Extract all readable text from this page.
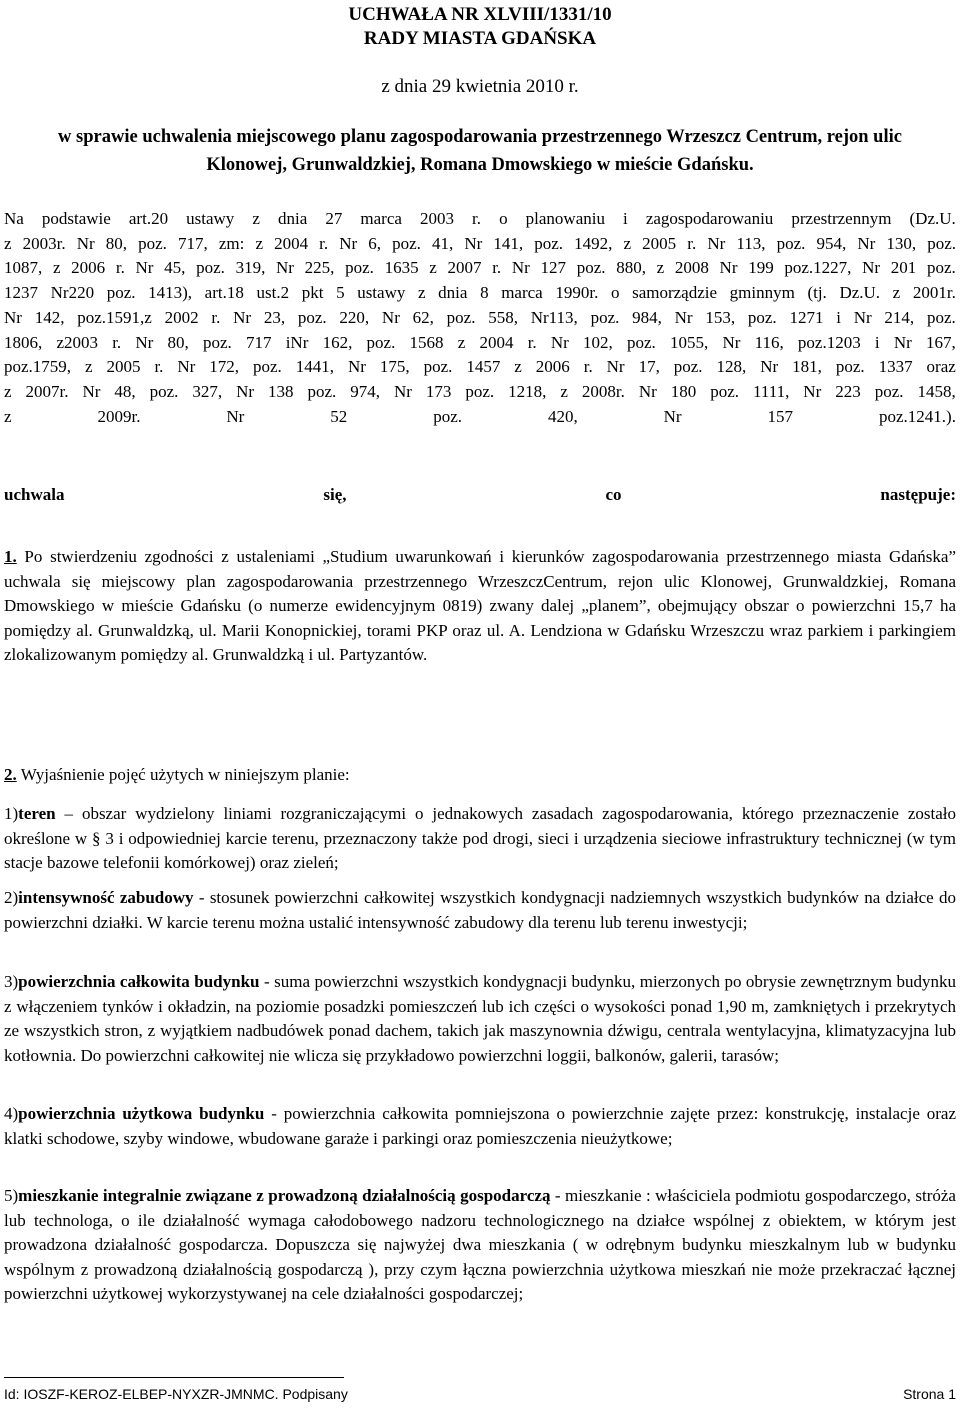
UCHWAŁA NR XLVIII/1331/10
RADY MIASTA GDAŃSKA
z dnia 29 kwietnia 2010 r.
w sprawie uchwalenia miejscowego planu zagospodarowania przestrzennego Wrzeszcz Centrum, rejon ulic
Klonowej, Grunwaldzkiej, Romana Dmowskiego w mieście Gdańsku.
Na podstawie art.20 ustawy z dnia 27 marca 2003 r. o planowaniu i zagospodarowaniu przestrzennym (Dz.U.
z 2003r. Nr 80, poz. 717, zm: z 2004 r. Nr 6, poz. 41, Nr 141, poz. 1492, z 2005 r. Nr 113, poz. 954, Nr 130, poz.
1087, z 2006 r. Nr 45, poz. 319, Nr 225, poz. 1635 z 2007 r. Nr 127 poz. 880, z 2008 Nr 199 poz.1227, Nr 201 poz.
1237 Nr220 poz. 1413), art.18 ust.2 pkt 5 ustawy z dnia 8 marca 1990r. o samorządzie gminnym (tj. Dz.U. z 2001r.
Nr 142, poz.1591,z 2002 r. Nr 23, poz. 220, Nr 62, poz. 558, Nr113, poz. 984, Nr 153, poz. 1271 i Nr 214, poz.
1806, z2003 r. Nr 80, poz. 717 iNr 162, poz. 1568 z 2004 r. Nr 102, poz. 1055, Nr 116, poz.1203 i Nr 167,
poz.1759, z 2005 r. Nr 172, poz. 1441, Nr 175, poz. 1457 z 2006 r. Nr 17, poz. 128, Nr 181, poz. 1337 oraz
z 2007r. Nr 48, poz. 327, Nr 138 poz. 974, Nr 173 poz. 1218, z 2008r. Nr 180 poz. 1111, Nr 223 poz. 1458,
z	2009r.	Nr	52	poz.	420,	Nr	157	poz.1241.).
uchwala	się,	co	następuje:
1. Po stwierdzeniu zgodności z ustaleniami „Studium uwarunkowań i kierunków zagospodarowania przestrzennego miasta Gdańska” uchwala się miejscowy plan zagospodarowania przestrzennego WrzeszczCentrum, rejon ulic Klonowej, Grunwaldzkiej, Romana Dmowskiego w mieście Gdańsku (o numerze ewidencyjnym 0819) zwany dalej „planem”, obejmujący obszar o powierzchni 15,7 ha pomiędzy al. Grunwaldzką, ul. Marii Konopnickiej, torami PKP oraz ul. A. Lendziona w Gdańsku Wrzeszczu wraz parkiem i parkingiem zlokalizowanym pomiędzy al. Grunwaldzką i ul. Partyzantów.
2. Wyjaśnienie pojęć użytych w niniejszym planie:
1)teren – obszar wydzielony liniami rozgraniczającymi o jednakowych zasadach zagospodarowania, którego przeznaczenie zostało określone w § 3 i odpowiedniej karcie terenu, przeznaczony także pod drogi, sieci i urządzenia sieciowe infrastruktury technicznej (w tym stacje bazowe telefonii komórkowej) oraz zieleń;
2)intensywność zabudowy - stosunek powierzchni całkowitej wszystkich kondygnacji nadziemnych wszystkich budynków na działce do powierzchni działki. W karcie terenu można ustalić intensywność zabudowy dla terenu lub terenu inwestycji;
3)powierzchnia całkowita budynku - suma powierzchni wszystkich kondygnacji budynku, mierzonych po obrysie zewnętrznym budynku z włączeniem tynków i okładzin, na poziomie posadzki pomieszczeń lub ich części o wysokości ponad 1,90 m, zamkniętych i przekrytych ze wszystkich stron, z wyjątkiem nadbudówek ponad dachem, takich jak maszynownia dźwigu, centrala wentylacyjna, klimatyzacyjna lub kotłownia. Do powierzchni całkowitej nie wlicza się przykładowo powierzchni loggii, balkonów, galerii, tarasów;
4)powierzchnia użytkowa budynku - powierzchnia całkowita pomniejszona o powierzchnie zajęte przez: konstrukcję, instalacje oraz klatki schodowe, szyby windowe, wbudowane garaże i parkingi oraz pomieszczenia nieużytkowe;
5)mieszkanie integralnie związane z prowadzoną działalnością gospodarczą - mieszkanie : właściciela podmiotu gospodarczego, stróża lub technologa, o ile działalność wymaga całodobowego nadzoru technologicznego na działce wspólnej z obiektem, w którym jest prowadzona działalność gospodarcza. Dopuszcza się najwyżej dwa mieszkania ( w odrębnym budynku mieszkalnym lub w budynku wspólnym z prowadzoną działalnością gospodarczą ), przy czym łączna powierzchnia użytkowa mieszkań nie może przekraczać łącznej powierzchni użytkowej wykorzystywanej na cele działalności gospodarczej;
Id: IOSZF-KEROZ-ELBEP-NYXZR-JMNMC. Podpisany	Strona 1
